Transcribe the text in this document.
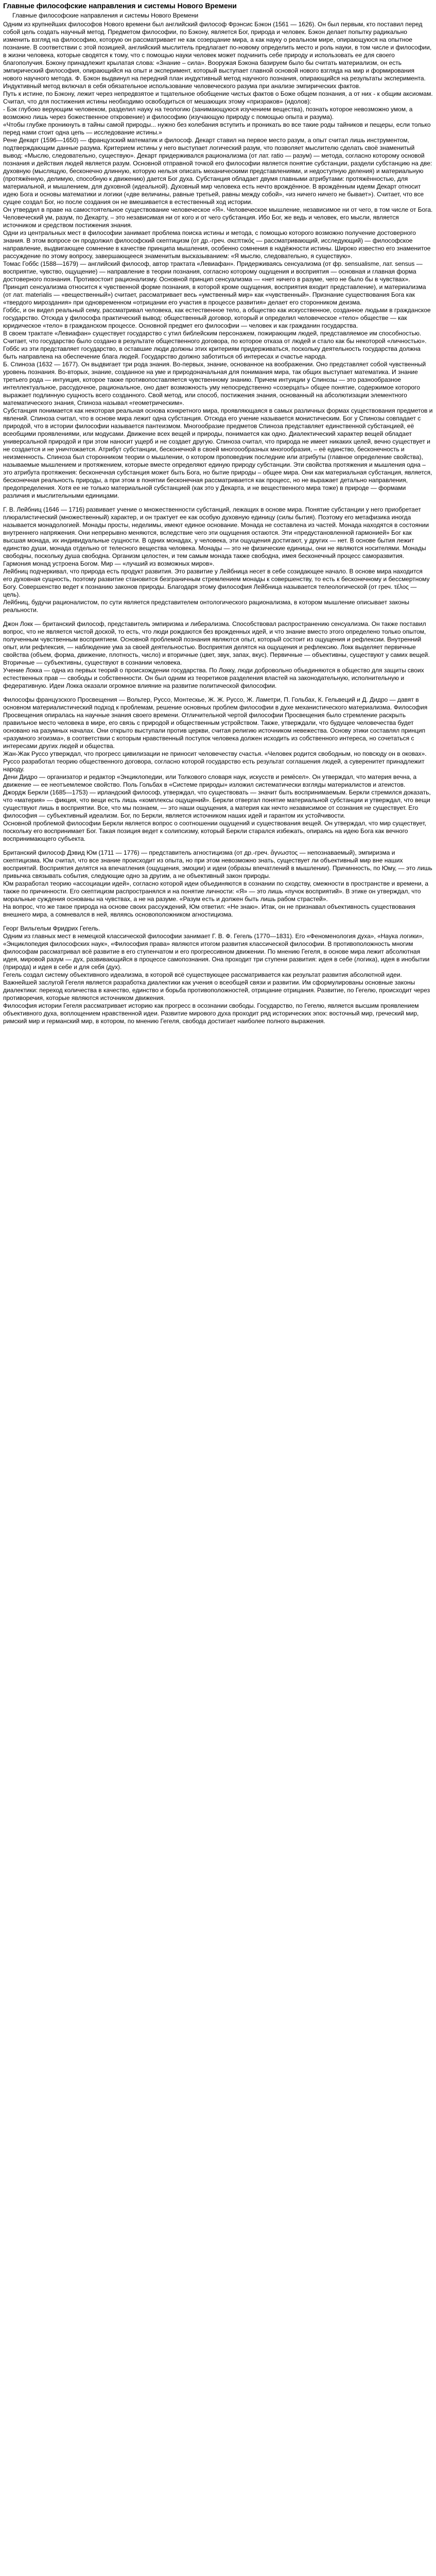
Главные философские направления и системы Нового Времени

Главные философские направления и системы Нового Времени

Одним из крупнейших философов Нового времени был английский философ Фрэнсис Бэкон (1561 — 1626). Он был первым, кто поставил перед собой цель создать научный метод. Предметом философии, по Бэкону, является Бог, природа и человек. Бэкон делает попытку радикально изменить взгляд на философию, которую он рассматривает не как созерцание мира, а как науку о реальном мире, опирающуюся на опытное познание. В соответствии с этой позицией, английский мыслитель предлагает по-новому определить место и роль науки, в том числе и философии, в жизни человека, которые сводятся к тому, что с помощью науки человек может подчинить себе природу и использовать ее для своего благополучия. Бэкону принадлежит крылатая слова: «Знание – сила». Вооружая Бэкона базируем было бы считать материализм, он есть эмпирический философия, опирающийся на опыт и эксперимент, который выступает главной основой нового взгляда на мир и формирования нового научного метода. Ф. Бэкон выдвинул на передний план индуктивный метод научного познания, опирающийся на результаты эксперимента. Индуктивный метод включал в себя обязательное использование человеческого разума при анализе эмпирических фактов.

Путь к истине, по Бэкону, лежит через непредвзятое и тщательное обобщение чистых фактов о Боже общем познания, а от них - к общим аксиомам. Считал, что для постижения истины необходимо освободиться от мешающих этому «призраков» (идолов):

- Бэк глубоко верующим человеком, разделил науку на теологию (занимающуюся изучением вещества), познать которое невозможно умом, а возможно лишь через божественное откровение) и философию (изучающую природу с помощью опыта и разума).

«Чтобы глубже проникнуть в тайны самой природы... нужно без колебания вступить и проникать во все такие роды тайников и пещеры, если только перед нами стоит одна цепь — исследование истины.»

Рене Декарт (1596—1650) — французский математик и философ. Декарт ставил на первое место разум, а опыт считал лишь инструментом, подтверждающим данные разума. Критерием истины у него выступает логический разум, что позволяет мыслителю сделать своё знаменитый вывод: «Мыслю, следовательно, существую». Декарт придерживался рационализма (от лат. ratio — разум) — метода, согласно которому основой познания и действия людей является разум. Основной отправной точкой его философии является понятие субстанции, раздели субстанцию на две: духовную (мыслящую, бесконечно длинную, которую нельзя описать механическими представлениями, и недоступную деления) и материальную (протяжённую, делимую, способную к движению) дается Бог духа. Субстанция обладает двумя главными атрибутами: протяжённостью, для материальной, и мышлением, для духовной (идеальной). Духовный мир человека есть нечто врождённое. В врождённым идеям Декарт относит идею Бога и основы математики и логики («две величины, равные третьей, равны между собой», «из ничего ничего не бывает»). Считает, что все сущее создал Бог, но после создания он не вмешивается в естественный ход истории.

Он утвердил в праве на самостоятельное существование человеческое «Я». Человеческое мышление, независимое ни от чего, в том числе от Бога.

Человеческий ум, разум, по Декарту, – это независимая ни от кого и от чего субстанция. Ибо Бог, же ведь и человек, его мысли, является источником и средством постижения знания.

Одни из центральных мест в философии занимает проблема поиска истины и метода, с помощью которого возможно получение достоверного знания. В этом вопросе он продолжил философский скептицизм (от др.-греч. σκεπτικός — рассматривающий, исследующий) — философское направление, выдвигающее сомнение в качестве принципа мышления, особенно сомнения в надёжности истины. Широко известно его знаменитое рассуждение по этому вопросу, завершающееся знаменитым высказыванием: «Я мыслю, следовательно, я существую».

Томас Гоббс (1588—1679) — английский философ, автор трактата «Левиафан». Придерживаясь сенсуализма (от фр. sensualisme, лат. sensus — восприятие, чувство, ощущение) — направление в теории познания, согласно которому ощущения и восприятия — основная и главная форма достоверного познания. Противостоит рационализму. Основной принцип сенсуализма — «нет ничего в разуме, чего не было бы в чувствах». Принцип сенсуализма относится к чувственной форме познания, в которой кроме ощущения, восприятия входит представление), и материализма (от лат. materialis — «вещественный») считает, рассматривает весь «умственный мир» как «чувственный». Признание существования Бога как «твердого мироздания» при одновременном «отрицании его участия в процессе развития» делает его сторонником деизма.

Гоббс, и он видел реальный сему, рассматривал человека, как естественное тело, а общество как искусственное, созданное людьми в гражданское государство. Отсюда у философа практический вывод: общественный договор, который и определил человеческое «тело» обществе — как юридическое «тело» в гражданском процессе. Основной предмет его философии — человек и как гражданин государства.

В своем трактате «Левиафан» существует государство с утил библейским персонажем, пожирающим людей, представляемое им способностью. Считает, что государство было создано в результате общественного договора, по которое отказа от людей и стало как бы некоторой «личностью». Гоббс из эти представляет государство, в оставшие люди должны этих критериям придерживаться, поскольку деятельность государства должна быть направлена на обеспечение блага людей. Государство должно заботиться об интересах и счастье народа.

Б. Спиноза (1632 — 1677). Он выдвигает три рода знания. Во-первых, знание, основанное на воображении. Оно представляет собой чувственный уровень познания. Во-вторых, знание, созданное на уме и природоначальная для понимания мира, так общих выступает математика. И знание третьего рода — интуиция, которое также противопоставляется чувственному знанию. Причем интуиции у Спинозы — это разнообразное интеллектуальное, рассудочное, рациональное, оно дает возможность уму непосредственно «созерцать» общее понятие, содержимое которого выражает подлинную сущность всего созданного. Свой метод, или способ, постижения знания, основанный на абсолютизации элементного математического знания, Спиноза называл «геометрическим».

Субстанция понимается как некоторая реальная основа конкретного мира, проявляющаяся в самых различных формах существования предметов и явлений. Спиноза считал, что в основе мира лежит одна субстанция. Отсюда его учение называется монистическим. Бог у Спинозы совпадает с природой, что в истории философии называется пантеизмом. Многообразие предметов Спиноза представляет единственной субстанцией, её всеобщими проявлениями, или модусами. Движение всех вещей и природы, понимается как одно. Диалектический характер вещей обладает универсальной природой и при этом наносит ущерб и не создает другую. Спиноза считал, что природа не имеет никаких целей, вечно существует и не создается и не уничтожается. Атрибут субстанции, бесконечной в своей многоообразных многообразия, – её единство, бесконечность и неизменность. Спиноза был сторонником теории о мышлении, о котором проповедник последние или атрибуты (главное определение свойства), называемые мышлением и протяжением, которые вместе определяют единую природу субстанции. Эти свойства протяжения и мышления одна – это атрибута протяжения: бесконечная субстанция может быть Бога, но бытие природы – общее мира. Они как материальная субстанция, является, бесконечная реальность природы, а при этом в понятии бесконечная рассматривается как процесс, но не выражает детально направления, предопределения. Хотя ее не только материальной субстанцией (как это у Декарта, и не вещественного мира тоже) в природе — формами различия и мыслительными единицами.

Г. В. Лейбниц (1646 — 1716) развивает учение о множественности субстанций, лежащих в основе мира. Понятие субстанции у него приобретает плюралистический (множественный) характер, и он трактует ее как особую духовную единицу (силы бытия). Поэтому его метафизика иногда называется монадологией. Монады просты, неделимы, имеют единое основание. Монада не составлена из частей. Монада находятся в состоянии внутреннего напряжения. Они непрерывно меняются, вследствие чего эти ощущения остаются. Эти «предустановленной гармонией» Бог как высшая монада, их индивидуальные сущности. В одних монадах, у человека, эти ощущения достигают, у других — нет. В основе бытия лежит единство души, монада отдельно от телесного вещества человека. Монады — это не физические единицы, они не являются носителями. Монады свободны, поскольку душа свободна. Организм целостен, и тем самым монада также свободна, имея бесконечный процесс саморазвития. Гармония монад устроена Богом. Мир — «лучший из возможных миров».

Лейбниц подчеркивал, что природа есть продукт развития. Это развитие у Лейбница несет в себе созидающее начало. В основе мира находится его духовная сущность, поэтому развитие становится безграничным стремлением монады к совершенству, то есть к бесконечному и бессмертному Богу. Совершенство ведет к познанию законов природы. Благодаря этому философия Лейбница называется телеологической (от греч. τέλος — цель).

Лейбниц, будучи рационалистом, по сути является представителем онтологического рационализма, в котором мышление описывает законы реальности.

Джон Локк — британский философ, представитель эмпиризма и либерализма. Способствовал распространению сенсуализма. Он также поставил вопрос, что не является чистой доской, то есть, что люди рождаются без врожденных идей, и что знание вместо этого определено только опытом, полученным чувственным восприятием. Основной проблемой познания являются опыт, который состоит из ощущения и рефлексии. Внутренний опыт, или рефлексия, — наблюдение ума за своей деятельностью. Восприятия делятся на ощущения и рефлексию. Локк выделяет первичные свойства (объем, форма, движение, плотность, число) и вторичные (цвет, звук, запах, вкус). Первичные — объективны, существуют у самих вещей. Вторичные — субъективны, существуют в сознании человека.

Учение Локка — одна из первых теорий о происхождении государства. По Локку, люди добровольно объединяются в общество для защиты своих естественных прав — свободы и собственности. Он был одним из теоретиков разделения властей на законодательную, исполнительную и федеративную. Идеи Локка оказали огромное влияние на развитие политической философии.

Философы французского Просвещения — Вольтер, Руссо, Монтескье, Ж. Ж. Руссо, Ж. Ламетри, П. Гольбах, К. Гельвеций и Д. Дидро — давят в основном материалистический подход к проблемам, решение основных проблем философии в духе механистического материализма. Философия Просвещения опиралась на научные знания своего времени. Отличительной чертой философии Просвещения было стремление раскрыть правильное место человека в мире, его связь с природой и общественным устройством. Также, утверждали, что будущее человечества будет основано на разумных началах. Они открыто выступали против церкви, считая религию источником невежества. Основу этики составлял принцип «разумного эгоизма», в соответствии с которым нравственный поступок человека должен исходить из собственного интереса, но сочетаться с интересами других людей и общества.

Жан-Жак Руссо утверждал, что прогресс цивилизации не приносит человечеству счастья. «Человек родится свободным, но повсюду он в оковах». Руссо разработал теорию общественного договора, согласно которой государство есть результат соглашения людей, а суверенитет принадлежит народу.

Дени Дидро — организатор и редактор «Энциклопедии, или Толкового словаря наук, искусств и ремёсел». Он утверждал, что материя вечна, а движение — ее неотъемлемое свойство. Поль Гольбах в «Системе природы» изложил систематически взгляды материалистов и атеистов.

Джордж Беркли (1685—1753) — ирландский философ, утверждал, что существовать — значит быть воспринимаемым. Беркли стремился доказать, что «материя» — фикция, что вещи есть лишь «комплексы ощущений». Беркли отвергал понятие материальной субстанции и утверждал, что вещи существуют лишь в восприятии. Все, что мы познаем, — это наши ощущения, а материя как нечто независимое от сознания не существует. Его философия — субъективный идеализм. Бог, по Беркли, является источником наших идей и гарантом их устойчивости.

Основной проблемой философии Беркли является вопрос о соотношении ощущений и существования вещей. Он утверждал, что мир существует, поскольку его воспринимает Бог. Такая позиция ведет к солипсизму, который Беркли старался избежать, опираясь на идею Бога как вечного воспринимающего субъекта.

Британский философ Дэвид Юм (1711 — 1776) — представитель агностицизма (от др.-греч. ἄγνωστος — непознаваемый), эмпиризма и скептицизма. Юм считал, что все знание происходит из опыта, но при этом невозможно знать, существует ли объективный мир вне наших восприятий. Восприятия делятся на впечатления (ощущения, эмоции) и идеи (образы впечатлений в мышлении). Причинность, по Юму, — это лишь привычка связывать события, следующие одно за другим, а не объективный закон природы.

Юм разработал теорию «ассоциации идей», согласно которой идеи объединяются в сознании по сходству, смежности в пространстве и времени, а также по причинности. Его скептицизм распространялся и на понятие личности: «Я» — это лишь «пучок восприятий». В этике он утверждал, что моральные суждения основаны на чувствах, а не на разуме. «Разум есть и должен быть лишь рабом страстей».

На вопрос, что же такое природа на основе своих рассуждений, Юм ответил: «Не знаю». Итак, он не признавал объективность существования внешнего мира, а сомневался в ней, являясь основоположником агностицизма.

Георг Вильгельм Фридрих Гегель.

Одним из главных мест в немецкой классической философии занимает Г. В. Ф. Гегель (1770—1831). Его «Феноменология духа», «Наука логики», «Энциклопедия философских наук», «Философия права» являются итогом развития классической философии. В противоположность многим философам рассматривал всё развитие в его ступенчатом и его прогрессивном движении. По мнению Гегеля, в основе мира лежит абсолютная идея, мировой разум — дух, развивающийся в процессе самопознания. Она проходит три ступени развития: идея в себе (логика), идея в инобытии (природа) и идея в себе и для себя (дух).

Гегель создал систему объективного идеализма, в которой всё существующее рассматривается как результат развития абсолютной идеи. Важнейшей заслугой Гегеля является разработка диалектики как учения о всеобщей связи и развитии. Им сформулированы основные законы диалектики: переход количества в качество, единство и борьба противоположностей, отрицание отрицания. Развитие, по Гегелю, происходит через противоречия, которые являются источником движения.

Философия истории Гегеля рассматривает историю как прогресс в осознании свободы. Государство, по Гегелю, является высшим проявлением объективного духа, воплощением нравственной идеи. Развитие мирового духа проходит ряд исторических эпох: восточный мир, греческий мир, римский мир и германский мир, в котором, по мнению Гегеля, свобода достигает наиболее полного выражения.
